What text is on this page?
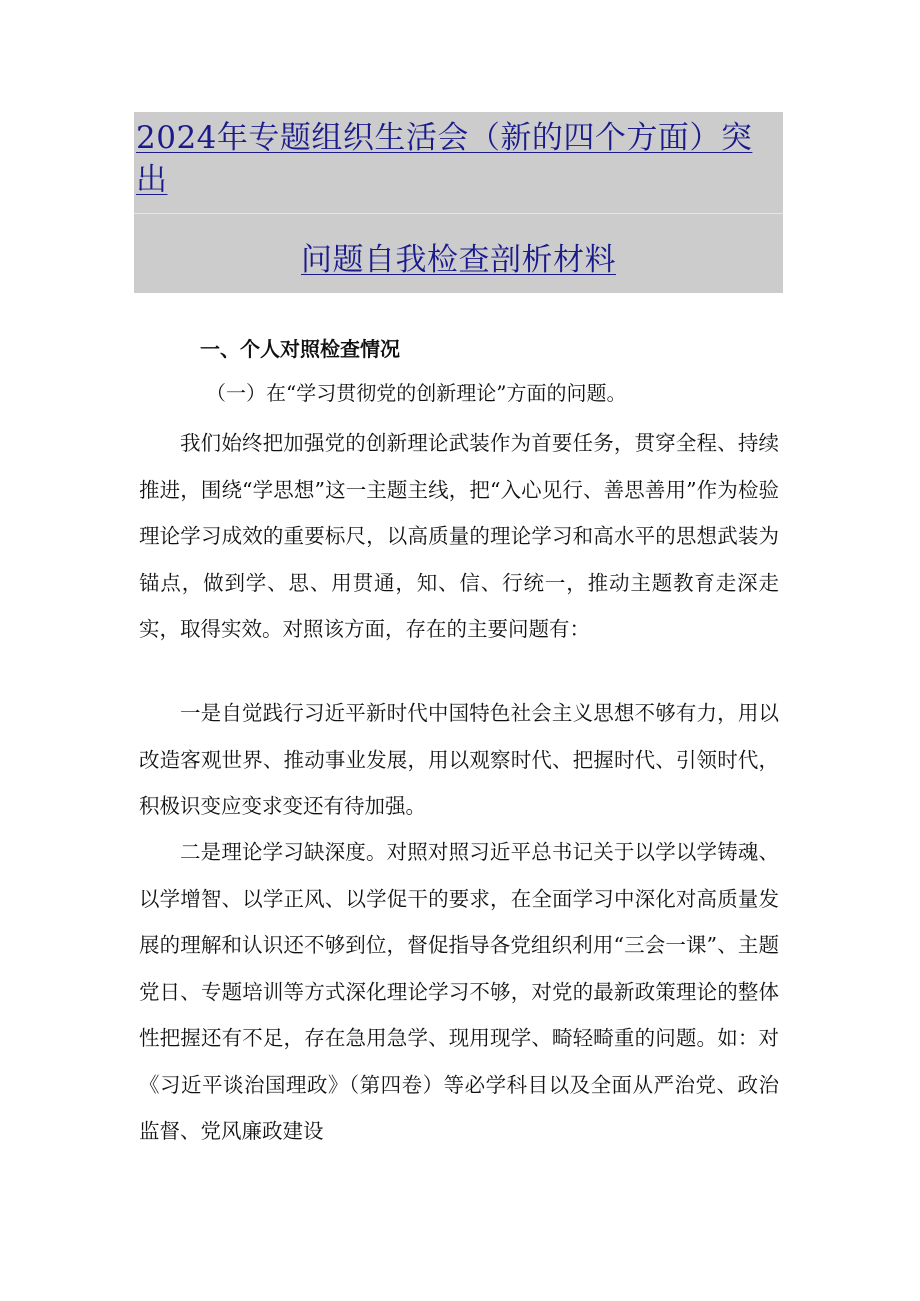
2024年专题组织生活会（新的四个方面）突
出
问题自我检查剖析材料
一、个人对照检查情况
（一）在“学习贯彻党的创新理论”方面的问题。

我们始终把加强党的创新理论武装作为首要任务，贯穿全程、持续推进，围绕“学思想”这一主题主线，把“入心见行、善思善用”作为检验理论学习成效的重要标尺，以高质量的理论学习和高水平的思想武装为锚点，做到学、思、用贯通，知、信、行统一，推动主题教育走深走实，取得实效。对照该方面，存在的主要问题有：

一是自觉践行习近平新时代中国特色社会主义思想不够有力，用以改造客观世界、推动事业发展，用以观察时代、把握时代、引领时代，积极识变应变求变还有待加强。

二是理论学习缺深度。对照对照习近平总书记关于以学以学铸魂、以学增智、以学正风、以学促干的要求，在全面学习中深化对高质量发展的理解和认识还不够到位，督促指导各党组织利用“三会一课”、主题党日、专题培训等方式深化理论学习不够，对党的最新政策理论的整体性把握还有不足，存在急用急学、现用现学、畸轻畸重的问题。如：对《习近平谈治国理政》（第四卷）等必学科目以及全面从严治党、政治监督、党风廉政建设
